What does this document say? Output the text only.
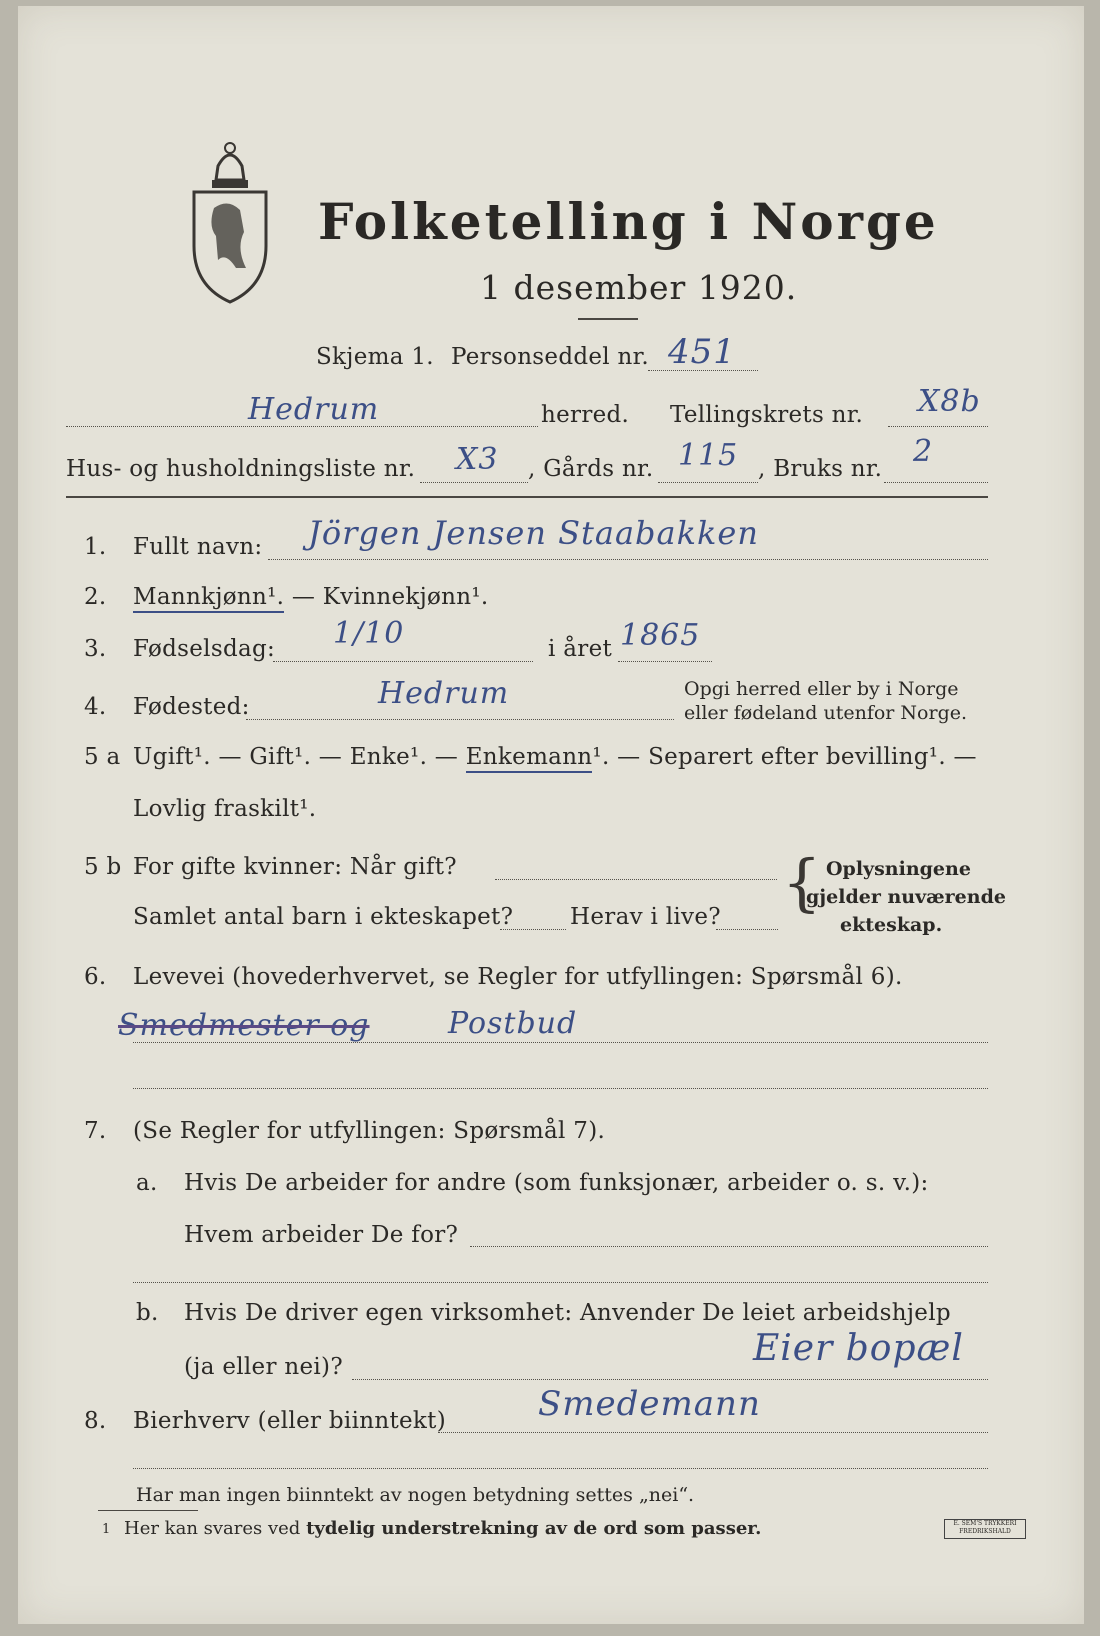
Folketelling i Norge
1 desember 1920.
Skjema 1. Personseddel nr. 451
Hedrum	herred. Tellingskrets nr. X8b
Hus- og husholdningsliste nr. X3 , Gårds nr. 115 , Bruks nr. 2
1. Fullt navn: Jörgen Jensen Staabakken
2. Mannkjønn¹. — Kvinnekjønn¹.
3. Fødselsdag: 1/10	i året 1865
4. Fødested:	Hedrum	Opgi herred eller by i Norge
eller fødeland utenfor Norge.
5 a Ugift¹. — Gift¹. — Enke¹. — Enkemann¹. — Separert efter bevilling¹. —
Lovlig fraskilt¹.
5 b For gifte kvinner: Når gift?
Samlet antal barn i ekteskapet? Herav i live? { Oplysningene
gjelder nuværende
ekteskap.
6. Levevei (hovederhvervet, se Regler for utfyllingen: Spørsmål 6).
Smedmester og	Postbud
7. (Se Regler for utfyllingen: Spørsmål 7).
a. Hvis De arbeider for andre (som funksjonær, arbeider o. s. v.):
Hvem arbeider De for?
b. Hvis De driver egen virksomhet: Anvender De leiet arbeidshjelp
(ja eller nei)?	Eier bopæl
8. Bierhverv (eller biinntekt)	Smedemann
Har man ingen biinntekt av nogen betydning settes „nei“.
1 Her kan svares ved tydelig understrekning av de ord som passer.	E. SEM'S TRYKKERI FREDRIKSHALD
